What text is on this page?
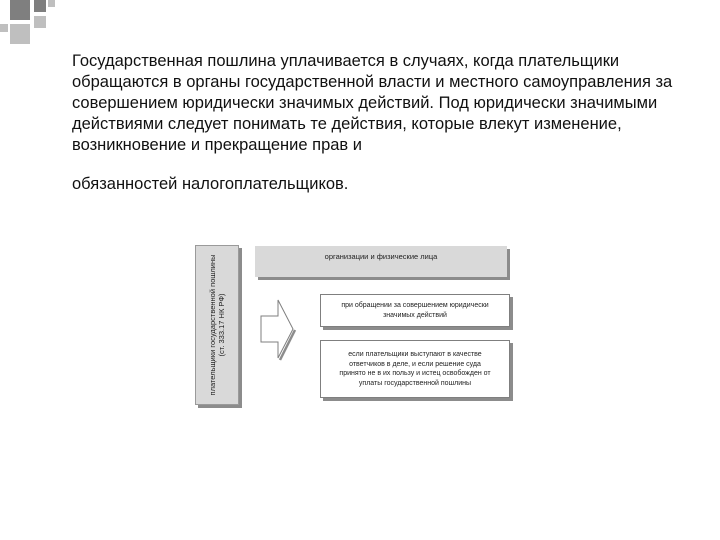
Государственная пошлина уплачивается в случаях, когда плательщики обращаются в органы государственной власти и местного самоуправления за совершением юридически значимых действий. Под юридически значимыми действиями следует понимать те действия, которые влекут изменение, возникновение и прекращение прав и

обязанностей налогоплательщиков.

плательщики государственной пошлины (ст. 333.17 НК РФ)
организации и физические лица
при обращении за совершением юридически значимых действий
если плательщики выступают в качестве ответчиков в деле, и если решение суда принято не в их пользу и истец освобожден от уплаты государственной пошлины
